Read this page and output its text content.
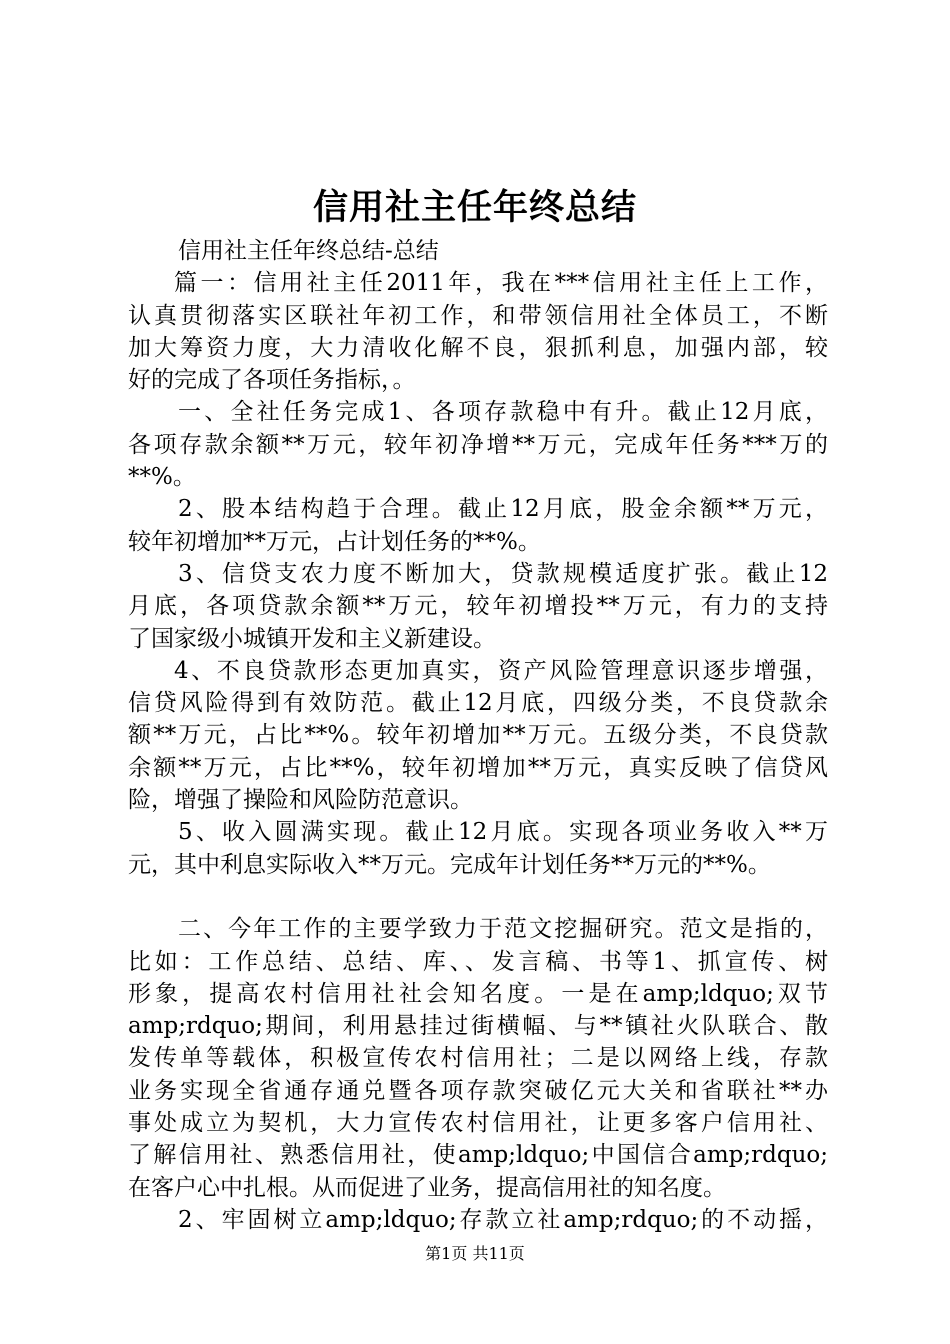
信用社主任年终总结
信用社主任年终总结-总结
篇一：信用社主任2011年，我在***信用社主任上工作，
认真贯彻落实区联社年初工作，和带领信用社全体员工，不断
加大筹资力度，大力清收化解不良，狠抓利息，加强内部，较
好的完成了各项任务指标，。
一、全社任务完成1、各项存款稳中有升。截止12月底，
各项存款余额**万元，较年初净增**万元，完成年任务***万的
**%。
2、股本结构趋于合理。截止12月底，股金余额**万元，
较年初增加**万元，占计划任务的**%。
3、信贷支农力度不断加大，贷款规模适度扩张。截止12
月底，各项贷款余额**万元，较年初增投**万元，有力的支持
了国家级小城镇开发和主义新建设。
4、不良贷款形态更加真实，资产风险管理意识逐步增强，
信贷风险得到有效防范。截止12月底，四级分类，不良贷款余
额**万元，占比**%。较年初增加**万元。五级分类，不良贷款
余额**万元，占比**%，较年初增加**万元，真实反映了信贷风
险，增强了操险和风险防范意识。
5、收入圆满实现。截止12月底。实现各项业务收入**万
元，其中利息实际收入**万元。完成年计划任务**万元的**%。
二、今年工作的主要学致力于范文挖掘研究。范文是指的，
比如：工作总结、总结、库、、发言稿、书等1、抓宣传、树
形象，提高农村信用社社会知名度。一是在amp;ldquo;双节
amp;rdquo;期间，利用悬挂过街横幅、与**镇社火队联合、散
发传单等载体，积极宣传农村信用社；二是以网络上线，存款
业务实现全省通存通兑暨各项存款突破亿元大关和省联社**办
事处成立为契机，大力宣传农村信用社，让更多客户信用社、
了解信用社、熟悉信用社，使amp;ldquo;中国信合amp;rdquo;
在客户心中扎根。从而促进了业务，提高信用社的知名度。
2、牢固树立amp;ldquo;存款立社amp;rdquo;的不动摇，
第1页 共11页
